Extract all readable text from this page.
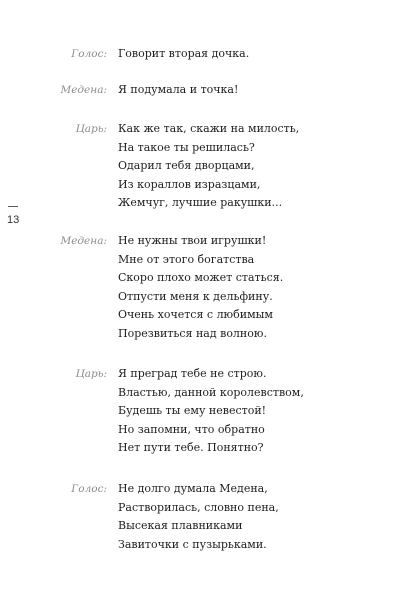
13
Голос: Говорит вторая дочка.
Медена: Я подумала и точка!
Царь: Как же так, скажи на милость,
На такое ты решилась?
Одарил тебя дворцами,
Из кораллов изразцами,
Жемчуг, лучшие ракушки...
Медена: Не нужны твои игрушки!
Мне от этого богатства
Скоро плохо может статься.
Отпусти меня к дельфину.
Очень хочется с любимым
Порезвиться над волною.
Царь: Я преград тебе не строю.
Властью, данной королевством,
Будешь ты ему невестой!
Но запомни, что обратно
Нет пути тебе. Понятно?
Голос: Не долго думала Медена,
Растворилась, словно пена,
Высекая плавниками
Завиточки с пузырьками.
